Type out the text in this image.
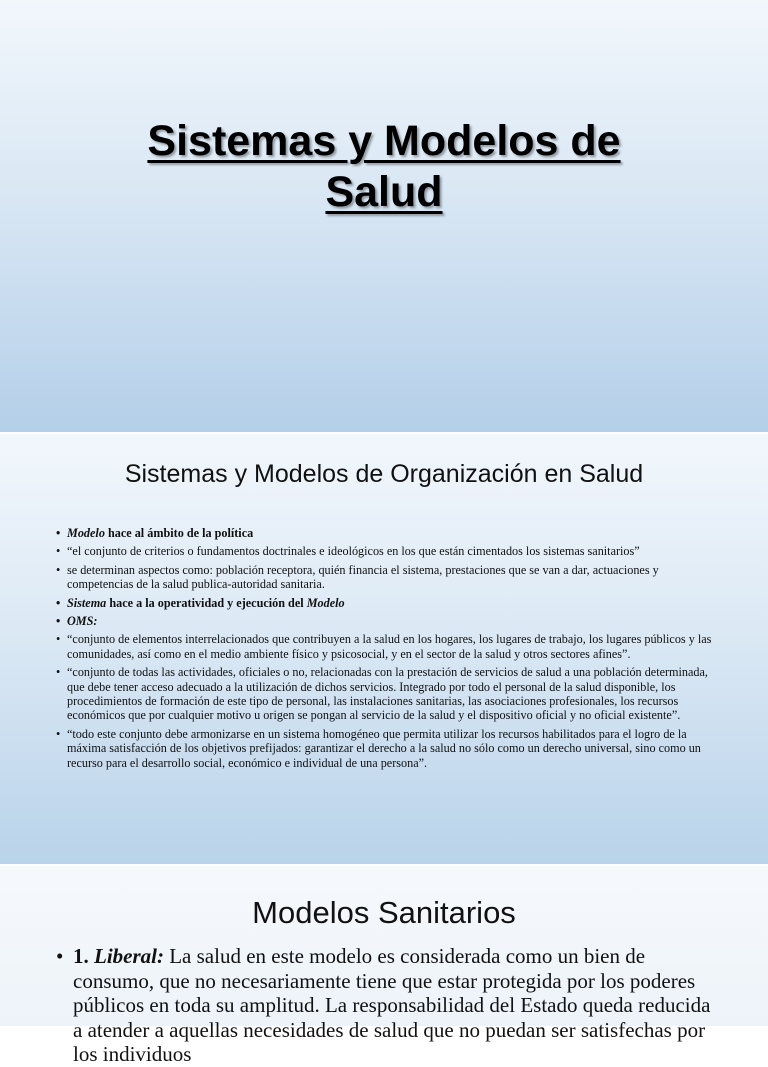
Sistemas y Modelos de
Salud
Sistemas y Modelos de Organización en Salud
• Modelo hace al ámbito de la política
• “el conjunto de criterios o fundamentos doctrinales e ideológicos en los que están cimentados los sistemas sanitarios”
• se determinan aspectos como: población receptora, quién financia el sistema, prestaciones que se van a dar, actuaciones y competencias de la salud publica-autoridad sanitaria.
• Sistema hace a la operatividad y ejecución del Modelo
• OMS:
• “conjunto de elementos interrelacionados que contribuyen a la salud en los hogares, los lugares de trabajo, los lugares públicos y las comunidades, así como en el medio ambiente físico y psicosocial, y en el sector de la salud y otros sectores afines”.
• “conjunto de todas las actividades, oficiales o no, relacionadas con la prestación de servicios de salud a una población determinada, que debe tener acceso adecuado a la utilización de dichos servicios. Integrado por todo el personal de la salud disponible, los procedimientos de formación de este tipo de personal, las instalaciones sanitarias, las asociaciones profesionales, los recursos económicos que por cualquier motivo u origen se pongan al servicio de la salud y el dispositivo oficial y no oficial existente”.
• “todo este conjunto debe armonizarse en un sistema homogéneo que permita utilizar los recursos habilitados para el logro de la máxima satisfacción de los objetivos prefijados: garantizar el derecho a la salud no sólo como un derecho universal, sino como un recurso para el desarrollo social, económico e individual de una persona”.
Modelos Sanitarios
• 1. Liberal: La salud en este modelo es considerada como un bien de consumo, que no necesariamente tiene que estar protegida por los poderes públicos en toda su amplitud. La responsabilidad del Estado queda reducida a atender a aquellas necesidades de salud que no puedan ser satisfechas por los individuos
